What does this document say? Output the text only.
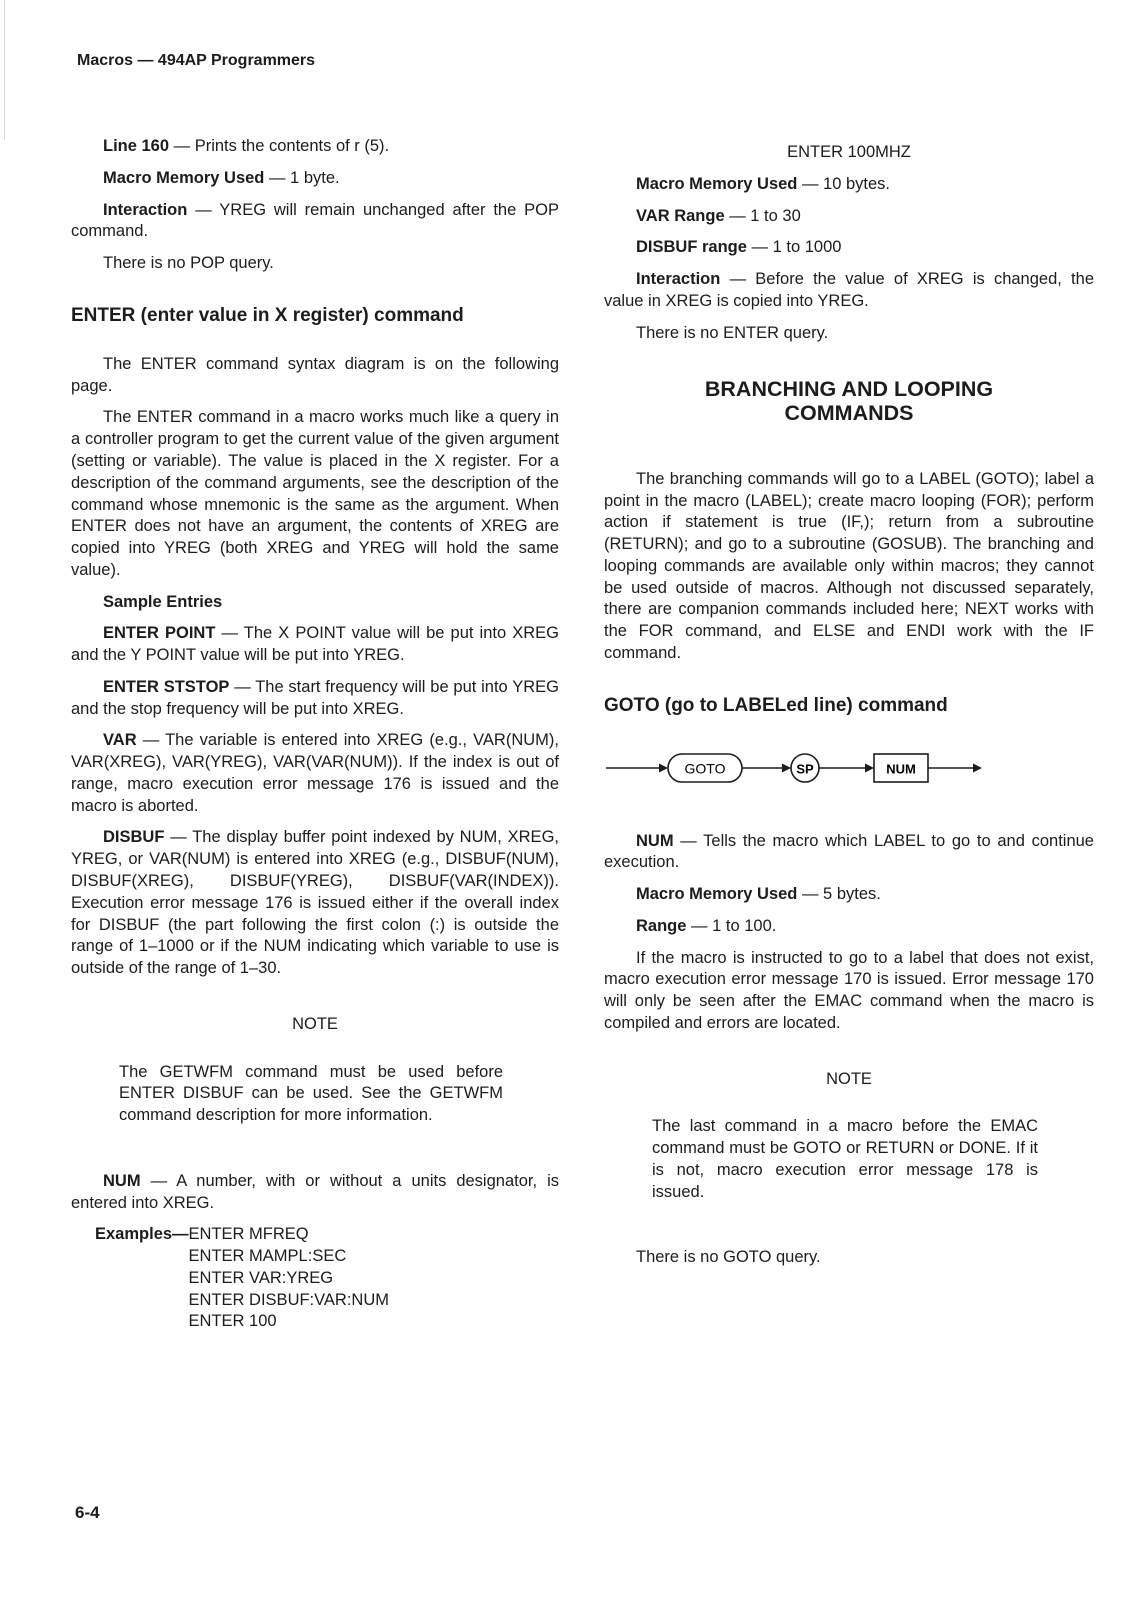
Macros — 494AP Programmers

Line 160 — Prints the contents of r (5).

Macro Memory Used — 1 byte.

Interaction — YREG will remain unchanged after the POP command.

There is no POP query.

ENTER (enter value in X register) command

The ENTER command syntax diagram is on the following page.

The ENTER command in a macro works much like a query in a controller program to get the current value of the given argument (setting or variable). The value is placed in the X register. For a description of the command arguments, see the description of the command whose mnemonic is the same as the argument. When ENTER does not have an argument, the contents of XREG are copied into YREG (both XREG and YREG will hold the same value).

Sample Entries

ENTER POINT — The X POINT value will be put into XREG and the Y POINT value will be put into YREG.

ENTER STSTOP — The start frequency will be put into YREG and the stop frequency will be put into XREG.

VAR — The variable is entered into XREG (e.g., VAR(NUM), VAR(XREG), VAR(YREG), VAR(VAR(NUM)). If the index is out of range, macro execution error message 176 is issued and the macro is aborted.

DISBUF — The display buffer point indexed by NUM, XREG, YREG, or VAR(NUM) is entered into XREG (e.g., DISBUF(NUM), DISBUF(XREG), DISBUF(YREG), DISBUF(VAR(INDEX)). Execution error message 176 is issued either if the overall index for DISBUF (the part following the first colon (:) is outside the range of 1–1000 or if the NUM indicating which variable to use is outside of the range of 1–30.

NOTE
The GETWFM command must be used before ENTER DISBUF can be used. See the GETWFM command description for more information.

NUM — A number, with or without a units designator, is entered into XREG.

Examples— ENTER MFREQ
ENTER MAMPL:SEC
ENTER VAR:YREG
ENTER DISBUF:VAR:NUM
ENTER 100

ENTER 100MHZ

Macro Memory Used — 10 bytes.

VAR Range — 1 to 30

DISBUF range — 1 to 1000

Interaction — Before the value of XREG is changed, the value in XREG is copied into YREG.

There is no ENTER query.

BRANCHING AND LOOPING
COMMANDS

The branching commands will go to a LABEL (GOTO); label a point in the macro (LABEL); create macro looping (FOR); perform action if statement is true (IF,); return from a subroutine (RETURN); and go to a subroutine (GOSUB). The branching and looping commands are available only within macros; they cannot be used outside of macros. Although not discussed separately, there are companion commands included here; NEXT works with the FOR command, and ELSE and ENDI work with the IF command.

GOTO (go to LABELed line) command
GOTO	SP	NUM

NUM — Tells the macro which LABEL to go to and continue execution.

Macro Memory Used — 5 bytes.

Range — 1 to 100.

If the macro is instructed to go to a label that does not exist, macro execution error message 170 is issued. Error message 170 will only be seen after the EMAC command when the macro is compiled and errors are located.

NOTE
The last command in a macro before the EMAC command must be GOTO or RETURN or DONE. If it is not, macro execution error message 178 is issued.

There is no GOTO query.

6-4
